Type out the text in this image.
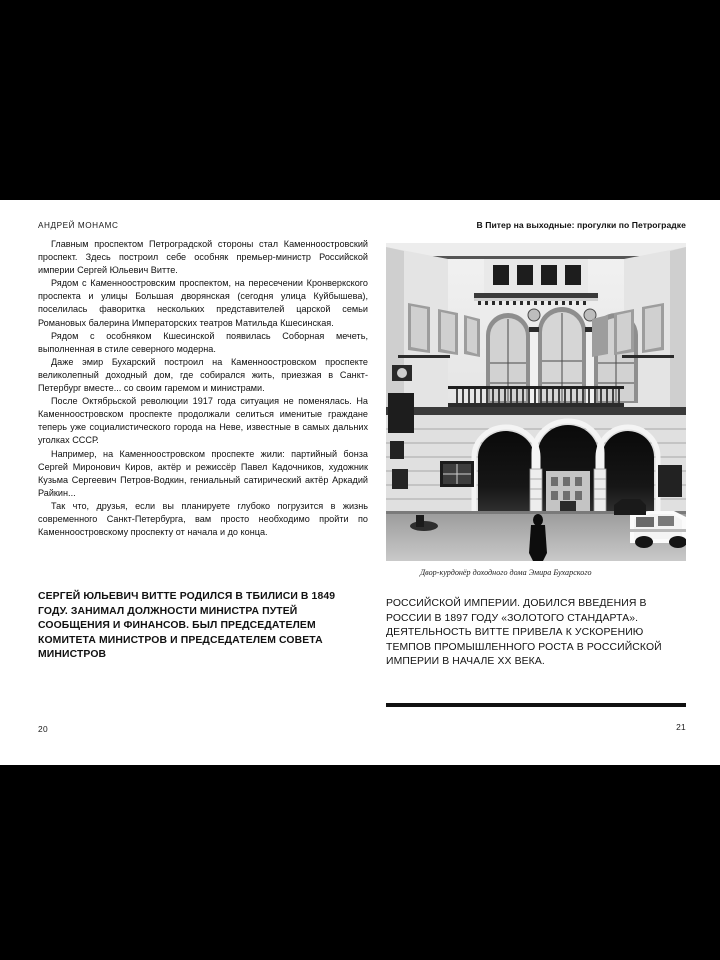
АНДРЕЙ МОНАМС

Главным проспектом Петроградской стороны стал Каменноостровский проспект. Здесь построил себе особняк премьер-министр Российской империи Сергей Юльевич Витте.

Рядом с Каменноостровским проспектом, на пересечении Кронверкского проспекта и улицы Большая дворянская (сегодня улица Куйбышева), поселилась фаворитка нескольких представителей царской семьи Романовых балерина Императорских театров Матильда Кшесинская.

Рядом с особняком Кшесинской появилась Соборная мечеть, выполненная в стиле северного модерна.

Даже эмир Бухарский построил на Каменноостровском проспекте великолепный доходный дом, где собирался жить, приезжая в Санкт-Петербург вместе... со своим гаремом и министрами.

После Октябрьской революции 1917 года ситуация не поменялась. На Каменноостровском проспекте продолжали селиться именитые граждане теперь уже социалистического города на Неве, известные в самых дальних уголках СССР.

Например, на Каменноостровском проспекте жили: партийный бонза Сергей Миронович Киров, актёр и режиссёр Павел Кадочников, художник Кузьма Сергеевич Петров-Водкин, гениальный сатирический актёр Аркадий Райкин...

Так что, друзья, если вы планируете глубоко погрузится в жизнь современного Санкт-Петербурга, вам просто необходимо пройти по Каменноостровскому проспекту от начала и до конца.

СЕРГЕЙ ЮЛЬЕВИЧ ВИТТЕ РОДИЛСЯ В ТБИЛИСИ В 1849 ГОДУ. ЗАНИМАЛ ДОЛЖНОСТИ МИНИСТРА ПУТЕЙ СООБЩЕНИЯ И ФИНАНСОВ. БЫЛ ПРЕДСЕДАТЕЛЕМ КОМИТЕТА МИНИСТРОВ И ПРЕДСЕДАТЕЛЕМ СОВЕТА МИНИСТРОВ
20
В Питер на выходные: прогулки по Петроградке
Двор-курдонёр доходного дома Эмира Бухарского
РОССИЙСКОЙ ИМПЕРИИ. ДОБИЛСЯ ВВЕДЕНИЯ В РОССИИ В 1897 ГОДУ «ЗОЛОТОГО СТАНДАРТА». ДЕЯТЕЛЬНОСТЬ ВИТТЕ ПРИВЕЛА К УСКОРЕНИЮ ТЕМПОВ ПРОМЫШЛЕННОГО РОСТА В РОССИЙСКОЙ ИМПЕРИИ В НАЧАЛЕ XX ВЕКА.
21
